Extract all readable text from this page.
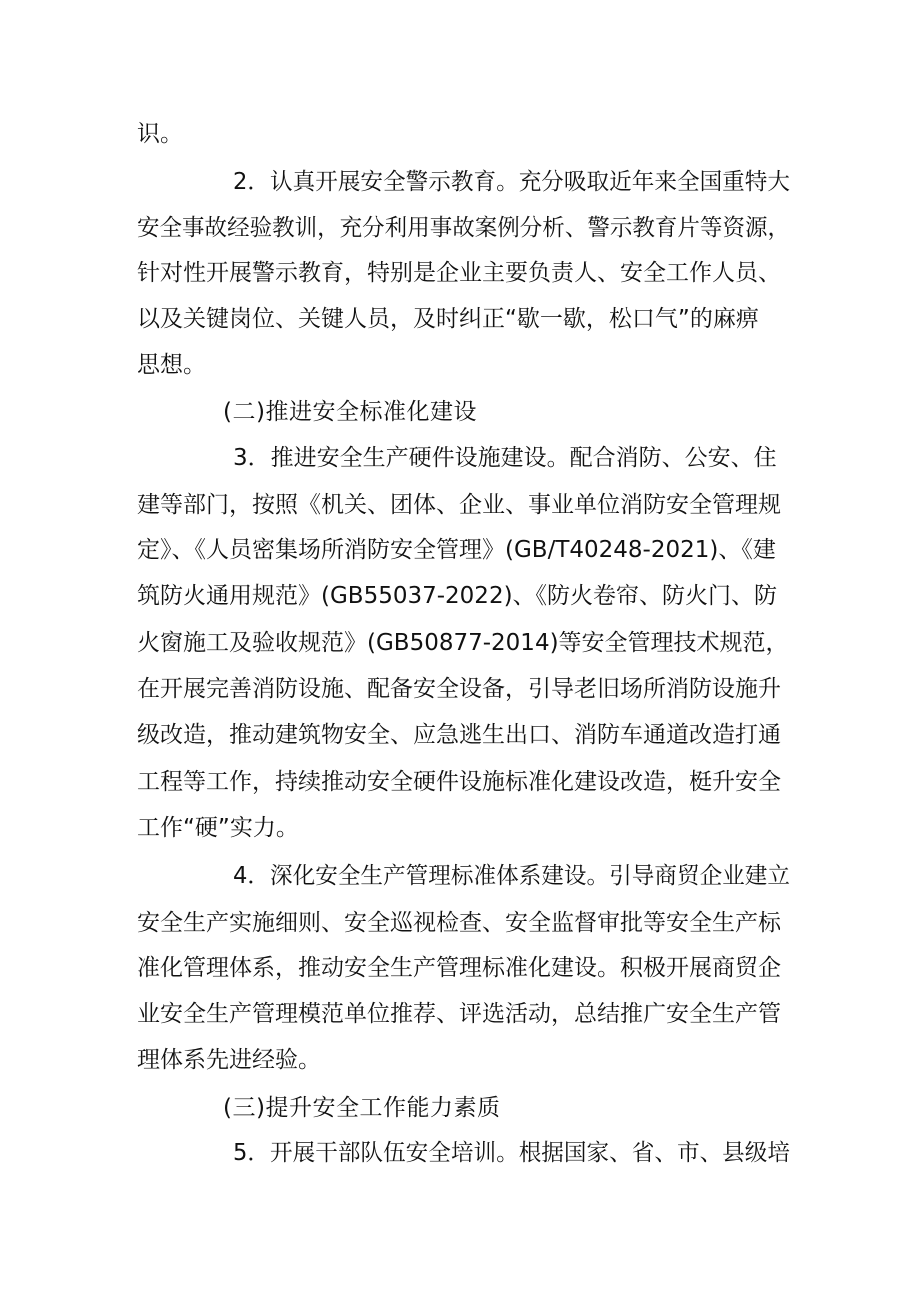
识。
2．认真开展安全警示教育。充分吸取近年来全国重特大
安全事故经验教训，充分利用事故案例分析、警示教育片等资源，
针对性开展警示教育，特别是企业主要负责人、安全工作人员、
以及关键岗位、关键人员，及时纠正“歇一歇，松口气”的麻痹
思想。
(二)推进安全标准化建设
3．推进安全生产硬件设施建设。配合消防、公安、住
建等部门，按照《机关、团体、企业、事业单位消防安全管理规
定》、《人员密集场所消防安全管理》(GB/T40248-2021)、《建
筑防火通用规范》(GB55037-2022)、《防火卷帘、防火门、防
火窗施工及验收规范》(GB50877-2014)等安全管理技术规范，
在开展完善消防设施、配备安全设备，引导老旧场所消防设施升
级改造，推动建筑物安全、应急逃生出口、消防车通道改造打通
工程等工作，持续推动安全硬件设施标准化建设改造，梃升安全
工作“硬”实力。
4．深化安全生产管理标准体系建设。引导商贸企业建立
安全生产实施细则、安全巡视检查、安全监督审批等安全生产标
准化管理体系，推动安全生产管理标准化建设。积极开展商贸企
业安全生产管理模范单位推荐、评选活动，总结推广安全生产管
理体系先进经验。
(三)提升安全工作能力素质
5．开展干部队伍安全培训。根据国家、省、市、县级培
